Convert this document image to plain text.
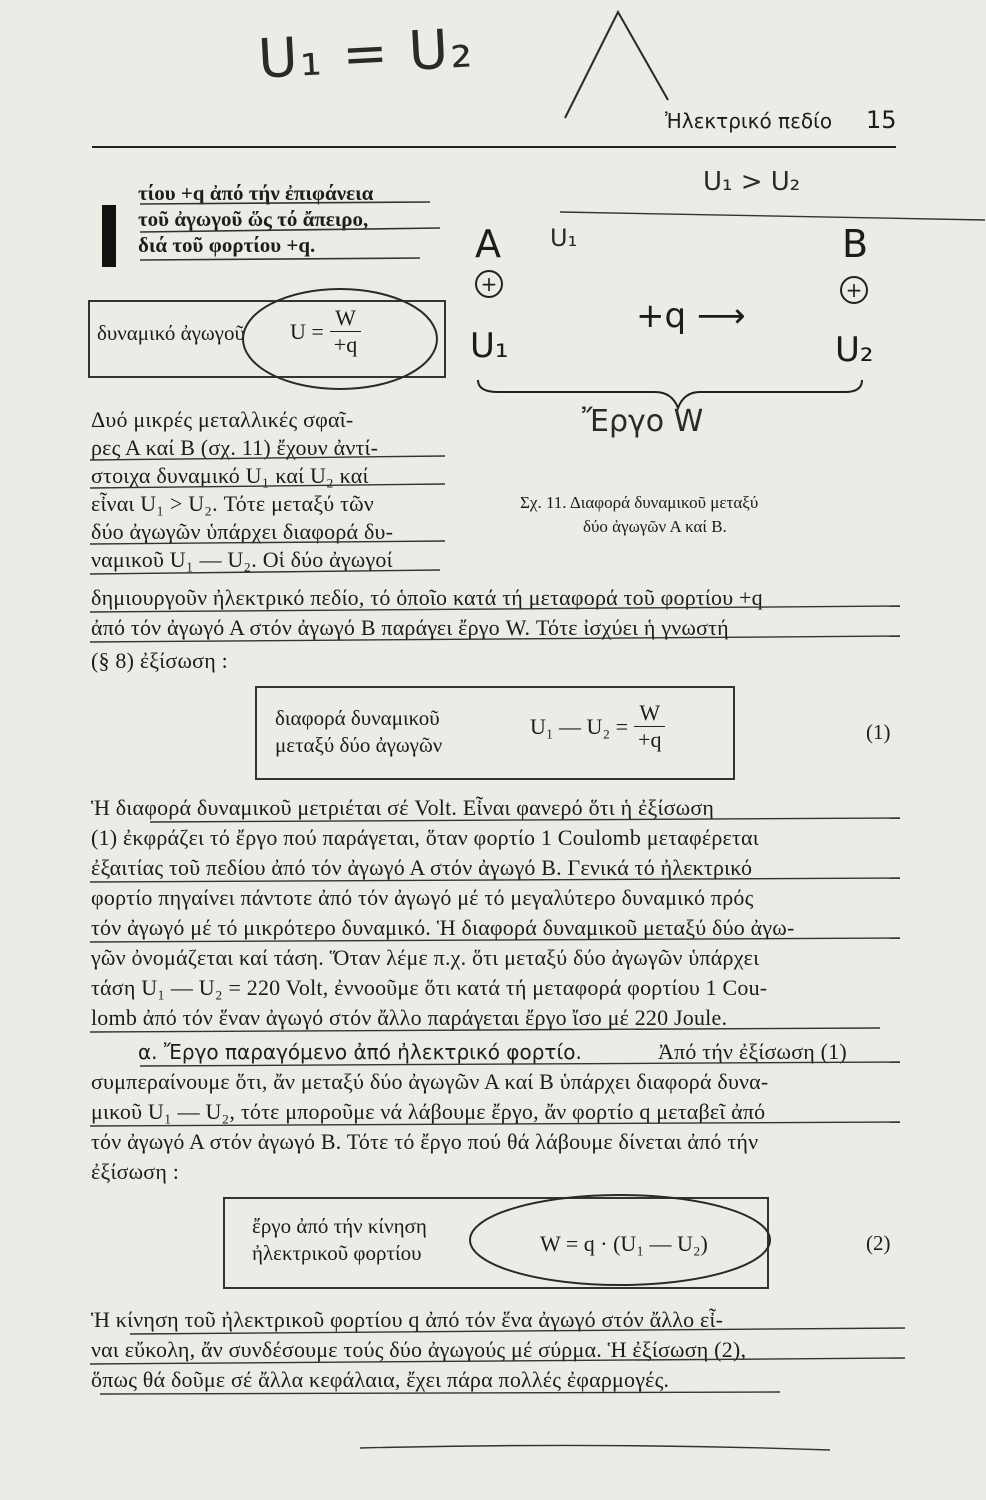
U₁ = U₂
Ἠλεκτρικό πεδίο 15
U₁ > U₂
τίου +q ἀπό τήν ἐπιφάνεια
τοῦ ἀγωγοῦ ὥς τό ἄπειρο,
διά τοῦ φορτίου +q.
δυναμικό ἀγωγοῦ $U = \frac{W}{+q}$
A	B
+	+
U₁	U₂
+q ⟶
Ἔργο W
U₁
Σχ. 11. Διαφορά δυναμικοῦ μεταξύ
δύο ἀγωγῶν Α καί Β.
Δυό μικρές μεταλλικές σφαῖ-
ρες Α καί Β (σχ. 11) ἔχουν ἀντί-
στοιχα δυναμικό U₁ καί U₂ καί
εἶναι U₁ > U₂. Τότε μεταξύ τῶν
δύο ἀγωγῶν ὑπάρχει διαφορά δυ-
ναμικοῦ U₁ — U₂. Οἱ δύο ἀγωγοί
δημιουργοῦν ἠλεκτρικό πεδίο, τό ὁποῖο κατά τή μεταφορά τοῦ φορτίου +q
ἀπό τόν ἀγωγό Α στόν ἀγωγό Β παράγει ἔργο W. Τότε ἰσχύει ἡ γνωστή
(§ 8) ἐξίσωση :
διαφορά δυναμικοῦ
μεταξύ δύο ἀγωγῶν
U₁ — $U_2 = \frac{W}{+q}$	(1)
Ἡ διαφορά δυναμικοῦ μετριέται σέ Volt. Εἶναι φανερό ὅτι ἡ ἐξίσωση
(1) ἐκφράζει τό ἔργο πού παράγεται, ὅταν φορτίο 1 Coulomb μεταφέρεται
ἐξαιτίας τοῦ πεδίου ἀπό τόν ἀγωγό Α στόν ἀγωγό Β. Γενικά τό ἠλεκτρικό
φορτίο πηγαίνει πάντοτε ἀπό τόν ἀγωγό μέ τό μεγαλύτερο δυναμικό πρός
τόν ἀγωγό μέ τό μικρότερο δυναμικό. Ἡ διαφορά δυναμικοῦ μεταξύ δύο ἀγω-
γῶν ὀνομάζεται καί τάση. Ὅταν λέμε π.χ. ὅτι μεταξύ δύο ἀγωγῶν ὑπάρχει
τάση U₁ — U₂ = 220 Volt, ἐννοοῦμε ὅτι κατά τή μεταφορά φορτίου 1 Cou-
lomb ἀπό τόν ἕναν ἀγωγό στόν ἄλλο παράγεται ἔργο ἴσο μέ 220 Joule.
α. Ἔργο παραγόμενο ἀπό ἠλεκτρικό φορτίο.	Ἀπό τήν ἐξίσωση (1)
συμπεραίνουμε ὅτι, ἄν μεταξύ δύο ἀγωγῶν Α καί Β ὑπάρχει διαφορά δυνα-
μικοῦ U₁ — U₂, τότε μποροῦμε νά λάβουμε ἔργο, ἄν φορτίο q μεταβεῖ ἀπό
τόν ἀγωγό Α στόν ἀγωγό Β. Τότε τό ἔργο πού θά λάβουμε δίνεται ἀπό τήν
ἐξίσωση :
ἔργο ἀπό τήν κίνηση
ἠλεκτρικοῦ φορτίου	W = q · (U₁ — U₂)	(2)
Ἡ κίνηση τοῦ ἠλεκτρικοῦ φορτίου q ἀπό τόν ἕνα ἀγωγό στόν ἄλλο εἶ-
ναι εὔκολη, ἄν συνδέσουμε τούς δύο ἀγωγούς μέ σύρμα. Ἡ ἐξίσωση (2),
ὅπως θά δοῦμε σέ ἄλλα κεφάλαια, ἔχει πάρα πολλές ἐφαρμογές.
